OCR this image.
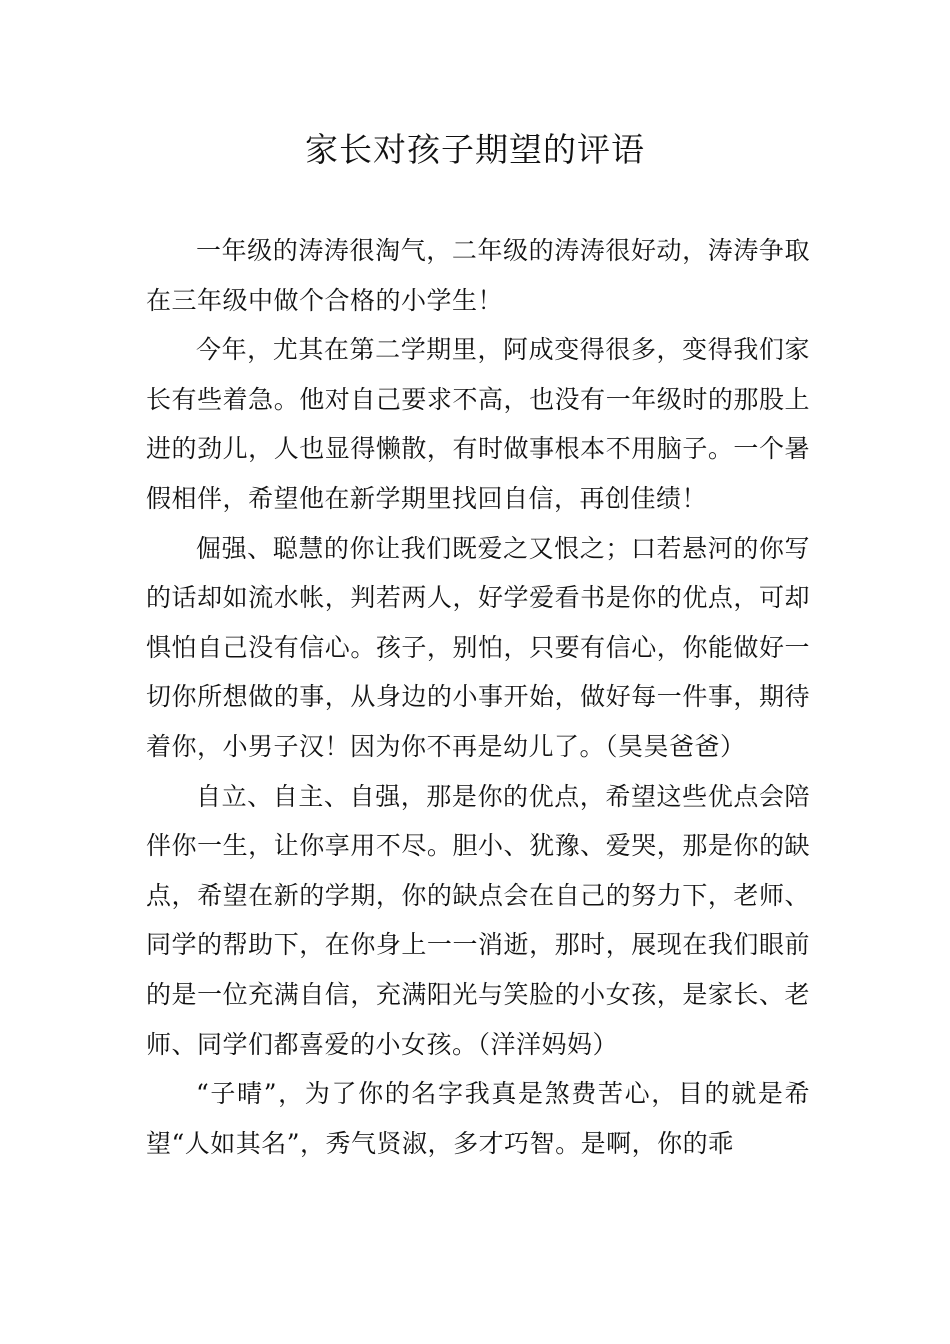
家长对孩子期望的评语

一年级的涛涛很淘气，二年级的涛涛很好动，涛涛争取在三年级中做个合格的小学生！

今年，尤其在第二学期里，阿成变得很多，变得我们家长有些着急。他对自己要求不高，也没有一年级时的那股上进的劲儿，人也显得懒散，有时做事根本不用脑子。一个暑假相伴，希望他在新学期里找回自信，再创佳绩！

倔强、聪慧的你让我们既爱之又恨之；口若悬河的你写的话却如流水帐，判若两人，好学爱看书是你的优点，可却惧怕自己没有信心。孩子，别怕，只要有信心，你能做好一切你所想做的事，从身边的小事开始，做好每一件事，期待着你，小男子汉！因为你不再是幼儿了。（昊昊爸爸）

自立、自主、自强，那是你的优点，希望这些优点会陪伴你一生，让你享用不尽。胆小、犹豫、爱哭，那是你的缺点，希望在新的学期，你的缺点会在自己的努力下，老师、同学的帮助下，在你身上一一消逝，那时，展现在我们眼前的是一位充满自信，充满阳光与笑脸的小女孩，是家长、老师、同学们都喜爱的小女孩。（洋洋妈妈）

“子晴”，为了你的名字我真是煞费苦心，目的就是希望“人如其名”，秀气贤淑，多才巧智。是啊，你的乖
